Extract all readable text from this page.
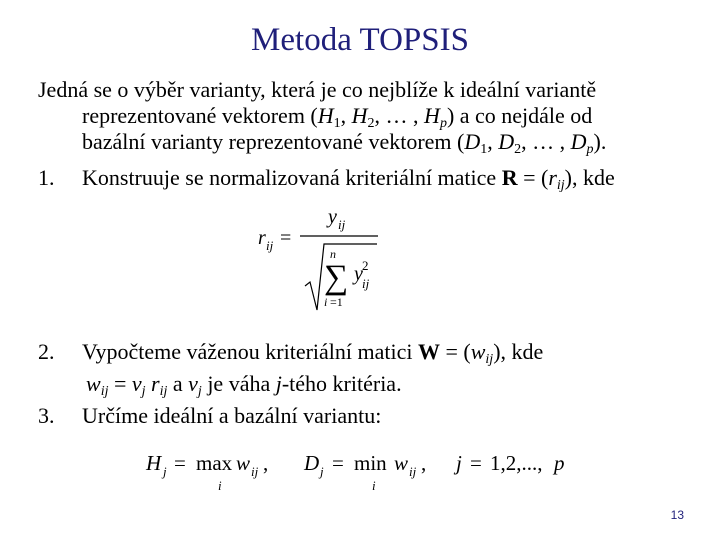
Metoda TOPSIS
Jedná se o výběr varianty, která je co nejblíže k ideální variantě
reprezentované vektorem ($H_1$, $H_2$, … , $H_p$) a co nejdále od
bazální varianty reprezentované vektorem ($D_1$, $D_2$, … , $D_p$).
1. Konstruuje se normalizovaná kriteriální matice $R = (r_{ij})$, kde
r ij =
y ij
n
∑
i =1
y 2
ij
2. Vypočteme váženou kriteriální matici $W = (w_{ij})$, kde
$w_{ij} = v_j$ $r_{ij}$ a $v_j$ je váha j-tého kritéria.
3. Určíme ideální a bazální variantu:
H j = max
i
w ij , D j = min
i
w ij , j = 1,2,..., p
13
